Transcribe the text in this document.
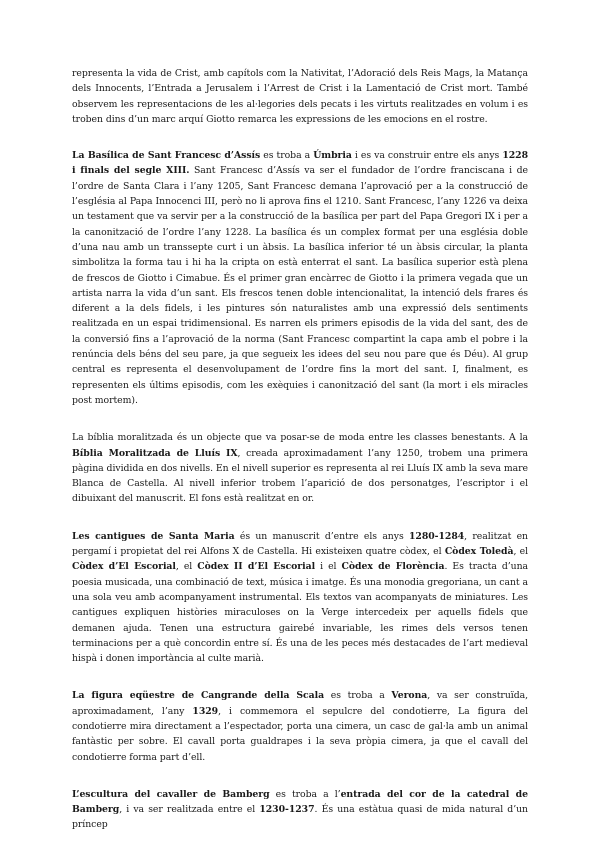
representa la vida de Crist, amb capítols com la Nativitat, l’Adoració dels Reis Mags, la Matança dels Innocents, l’Entrada a Jerusalem i l’Arrest de Crist i la Lamentació de Crist mort. També observem les representacions de les al·legories dels pecats i les virtuts realitzades en volum i es troben dins d’un marc arquí Giotto remarca les expressions de les emocions en el rostre.

La Basílica de Sant Francesc d’Assís es troba a Úmbria i es va construir entre els anys 1228 i finals del segle XIII. Sant Francesc d’Assís va ser el fundador de l’ordre franciscana i de l’ordre de Santa Clara i l’any 1205, Sant Francesc demana l’aprovació per a la construcció de l’església al Papa Innocenci III, però no li aprova fins el 1210. Sant Francesc, l’any 1226 va deixa un testament que va servir per a la construcció de la basílica per part del Papa Gregori IX i per a la canonització de l’ordre l’any 1228. La basílica és un complex format per una església doble d’una nau amb un transsepte curt i un àbsis. La basílica inferior té un àbsis circular, la planta simbolitza la forma tau i hi ha la cripta on està enterrat el sant. La basílica superior està plena de frescos de Giotto i Cimabue. És el primer gran encàrrec de Giotto i la primera vegada que un artista narra la vida d’un sant. Els frescos tenen doble intencionalitat, la intenció dels frares és diferent a la dels fidels, i les pintures són naturalistes amb una expressió dels sentiments realitzada en un espai tridimensional. Es narren els primers episodis de la vida del sant, des de la conversió fins a l’aprovació de la norma (Sant Francesc compartint la capa amb el pobre i la renúncia dels béns del seu pare, ja que segueix les idees del seu nou pare que és Déu). Al grup central es representa el desenvolupament de l’ordre fins la mort del sant. I, finalment, es representen els últims episodis, com les exèquies i canonització del sant (la mort i els miracles post mortem).

La bíblia moralitzada és un objecte que va posar-se de moda entre les classes benestants. A la Bíblia Moralitzada de Lluís IX, creada aproximadament l’any 1250, trobem una primera pàgina dividida en dos nivells. En el nivell superior es representa al rei Lluís IX amb la seva mare Blanca de Castella. Al nivell inferior trobem l’aparició de dos personatges, l’escriptor i el dibuixant del manuscrit. El fons està realitzat en or.

Les cantigues de Santa Maria és un manuscrit d’entre els anys 1280-1284, realitzat en pergamí i propietat del rei Alfons X de Castella. Hi existeixen quatre còdex, el Còdex Toledà, el Còdex d’El Escorial, el Còdex II d’El Escorial i el Còdex de Florència. Es tracta d’una poesia musicada, una combinació de text, música i imatge. És una monodia gregoriana, un cant a una sola veu amb acompanyament instrumental. Els textos van acompanyats de miniatures. Les cantigues expliquen històries miraculoses on la Verge intercedeix per aquells fidels que demanen ajuda. Tenen una estructura gairebé invariable, les rimes dels versos tenen terminacions per a què concordin entre sí. És una de les peces més destacades de l’art medieval hispà i donen importància al culte marià.

La figura eqüestre de Cangrande della Scala es troba a Verona, va ser construïda, aproximadament, l’any 1329, i commemora el sepulcre del condotierre, La figura del condotierre mira directament a l’espectador, porta una cimera, un casc de gal·la amb un animal fantàstic per sobre. El cavall porta gualdrapes i la seva pròpia cimera, ja que el cavall del condotierre forma part d’ell.

L’escultura del cavaller de Bamberg es troba a l’entrada del cor de la catedral de Bamberg, i va ser realitzada entre el 1230-1237. És una estàtua quasi de mida natural d’un príncep
